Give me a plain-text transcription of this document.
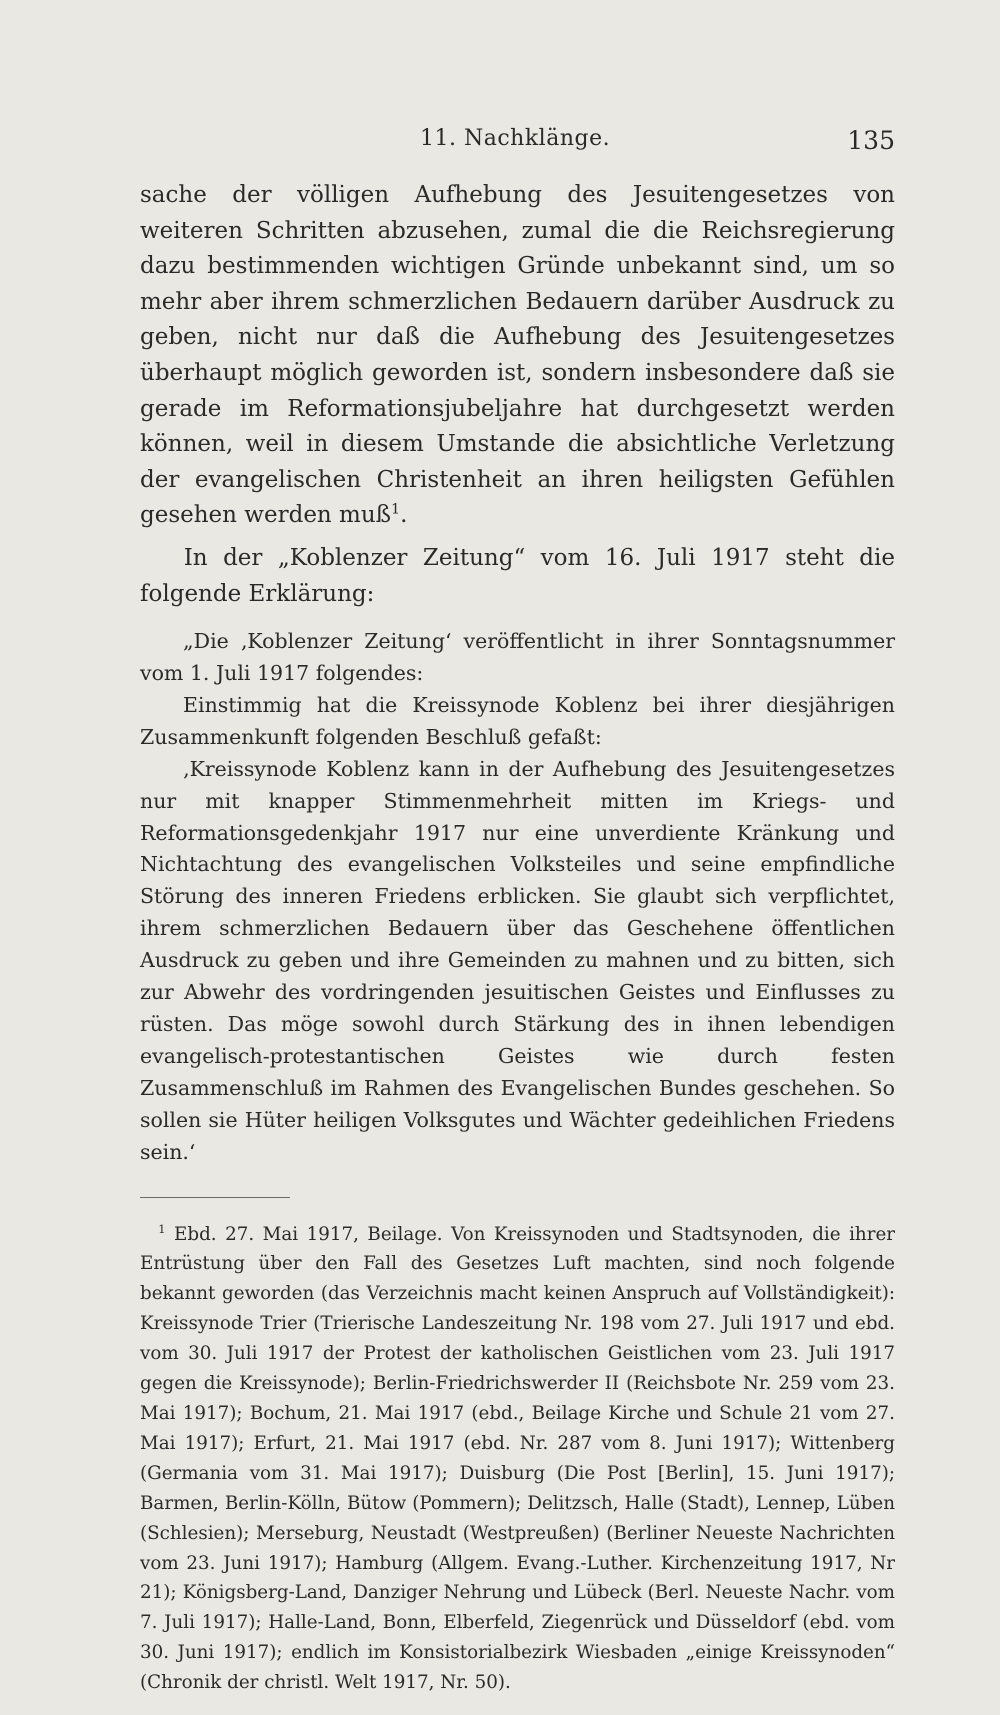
11. Nachklänge.	135

sache der völligen Aufhebung des Jesuitengesetzes von weiteren Schritten abzusehen, zumal die die Reichsregierung dazu bestimmenden wichtigen Gründe unbekannt sind, um so mehr aber ihrem schmerzlichen Bedauern darüber Ausdruck zu geben, nicht nur daß die Aufhebung des Jesuitengesetzes überhaupt möglich geworden ist, sondern insbesondere daß sie gerade im Reformationsjubeljahre hat durchgesetzt werden können, weil in diesem Umstande die absichtliche Verletzung der evangelischen Christenheit an ihren heiligsten Gefühlen gesehen werden muß$^1$.

In der „Koblenzer Zeitung“ vom 16. Juli 1917 steht die folgende Erklärung:

„Die ‚Koblenzer Zeitung‘ veröffentlicht in ihrer Sonntagsnummer vom 1. Juli 1917 folgendes:

Einstimmig hat die Kreissynode Koblenz bei ihrer diesjährigen Zusammenkunft folgenden Beschluß gefaßt:

‚Kreissynode Koblenz kann in der Aufhebung des Jesuitengesetzes nur mit knapper Stimmenmehrheit mitten im Kriegs- und Reformationsgedenkjahr 1917 nur eine unverdiente Kränkung und Nichtachtung des evangelischen Volksteiles und seine empfindliche Störung des inneren Friedens erblicken. Sie glaubt sich verpflichtet, ihrem schmerzlichen Bedauern über das Geschehene öffentlichen Ausdruck zu geben und ihre Gemeinden zu mahnen und zu bitten, sich zur Abwehr des vordringenden jesuitischen Geistes und Einflusses zu rüsten. Das möge sowohl durch Stärkung des in ihnen lebendigen evangelisch-protestantischen Geistes wie durch festen Zusammenschluß im Rahmen des Evangelischen Bundes geschehen. So sollen sie Hüter heiligen Volksgutes und Wächter gedeihlichen Friedens sein.‘

$^1$ Ebd. 27. Mai 1917, Beilage. Von Kreissynoden und Stadtsynoden, die ihrer Entrüstung über den Fall des Gesetzes Luft machten, sind noch folgende bekannt geworden (das Verzeichnis macht keinen Anspruch auf Vollständigkeit): Kreissynode Trier (Trierische Landeszeitung Nr. 198 vom 27. Juli 1917 und ebd. vom 30. Juli 1917 der Protest der katholischen Geistlichen vom 23. Juli 1917 gegen die Kreissynode); Berlin-Friedrichswerder II (Reichsbote Nr. 259 vom 23. Mai 1917); Bochum, 21. Mai 1917 (ebd., Beilage Kirche und Schule 21 vom 27. Mai 1917); Erfurt, 21. Mai 1917 (ebd. Nr. 287 vom 8. Juni 1917); Wittenberg (Germania vom 31. Mai 1917); Duisburg (Die Post [Berlin], 15. Juni 1917); Barmen, Berlin-Kölln, Bütow (Pommern); Delitzsch, Halle (Stadt), Lennep, Lüben (Schlesien); Merseburg, Neustadt (Westpreußen) (Berliner Neueste Nachrichten vom 23. Juni 1917); Hamburg (Allgem. Evang.-Luther. Kirchenzeitung 1917, Nr 21); Königsberg-Land, Danziger Nehrung und Lübeck (Berl. Neueste Nachr. vom 7. Juli 1917); Halle-Land, Bonn, Elberfeld, Ziegenrück und Düsseldorf (ebd. vom 30. Juni 1917); endlich im Konsistorialbezirk Wiesbaden „einige Kreissynoden“ (Chronik der christl. Welt 1917, Nr. 50).
